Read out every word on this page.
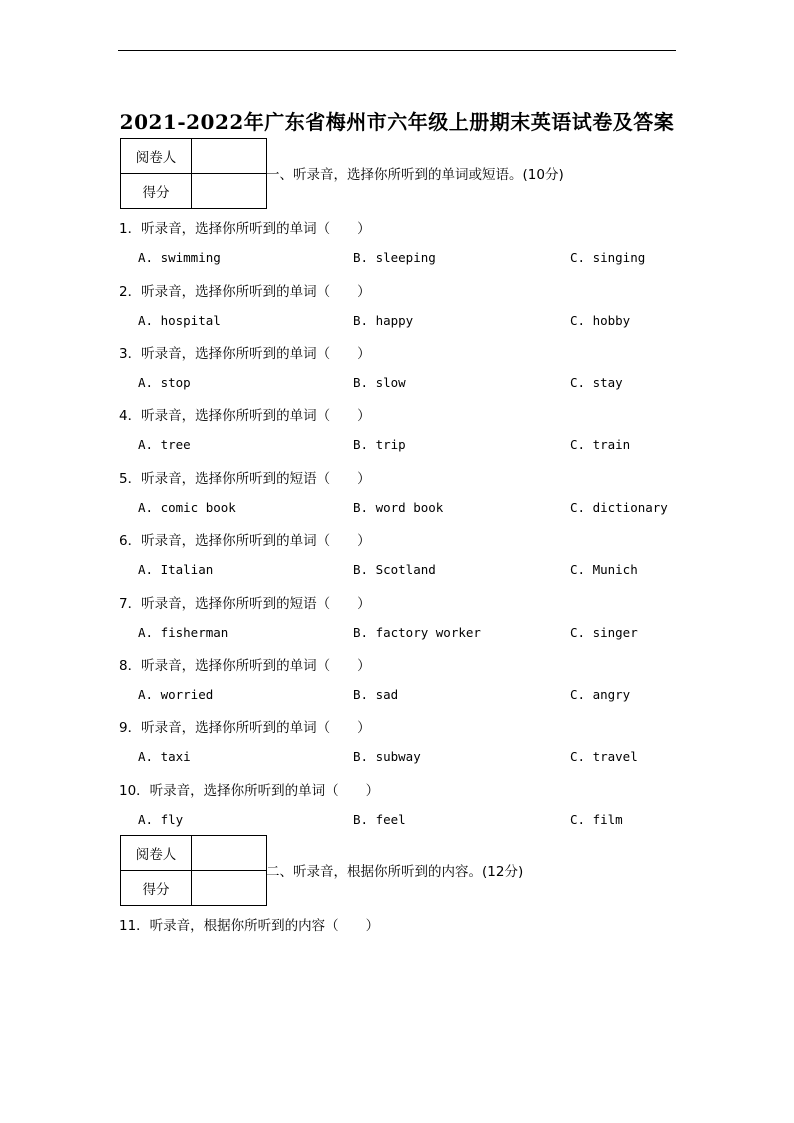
2021-2022年广东省梅州市六年级上册期末英语试卷及答案
阅卷人	
得分	
一、听录音，选择你所听到的单词或短语。(10分)
1．听录音，选择你所听到的单词（　　）
A. swimming	B. sleeping	C. singing
2．听录音，选择你所听到的单词（　　）
A. hospital	B. happy	C. hobby
3．听录音，选择你所听到的单词（　　）
A. stop	B. slow	C. stay
4．听录音，选择你所听到的单词（　　）
A. tree	B. trip	C. train
5．听录音，选择你所听到的短语（　　）
A. comic book	B. word book	C. dictionary
6．听录音，选择你所听到的单词（　　）
A. Italian	B. Scotland	C. Munich
7．听录音，选择你所听到的短语（　　）
A. fisherman	B. factory worker	C. singer
8．听录音，选择你所听到的单词（　　）
A. worried	B. sad	C. angry
9．听录音，选择你所听到的单词（　　）
A. taxi	B. subway	C. travel
10．听录音，选择你所听到的单词（　　）
A. fly	B. feel	C. film
阅卷人	
得分	
二、听录音，根据你所听到的内容。(12分)
11．听录音，根据你所听到的内容（　　）
